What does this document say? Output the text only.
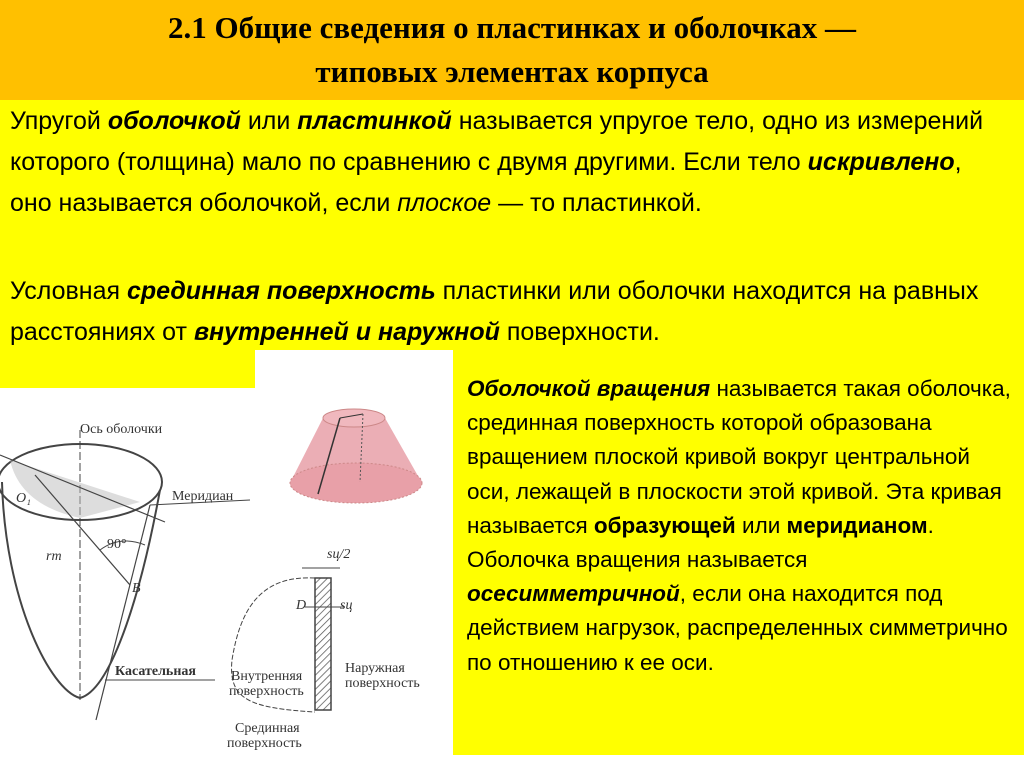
2.1 Общие сведения о пластинках и оболочках —
типовых элементах корпуса
Упругой оболочкой или пластинкой называется упругое тело, одно из измерений которого (толщина) мало по сравнению с двумя другими. Если тело искривлено, оно называется оболочкой, если плоское — то пластинкой.
Условная срединная поверхность пластинки или оболочки находится на равных расстояниях от внутренней и наружной поверхности.
Оболочкой вращения называется такая оболочка, срединная поверхность которой образована вращением плоской кривой вокруг центральной оси, лежащей в плоскости этой кривой. Эта кривая называется образующей или меридианом. Оболочка вращения называется осесимметричной, если она находится под действием нагрузок, распределенных симметрично по отношению к ее оси.
Ось оболочки
Меридиан
Касательная
O₁
rm
90°
B
sц/2
D sц
Внутренняя
поверхность
Наружная
поверхность
Срединная
поверхность
